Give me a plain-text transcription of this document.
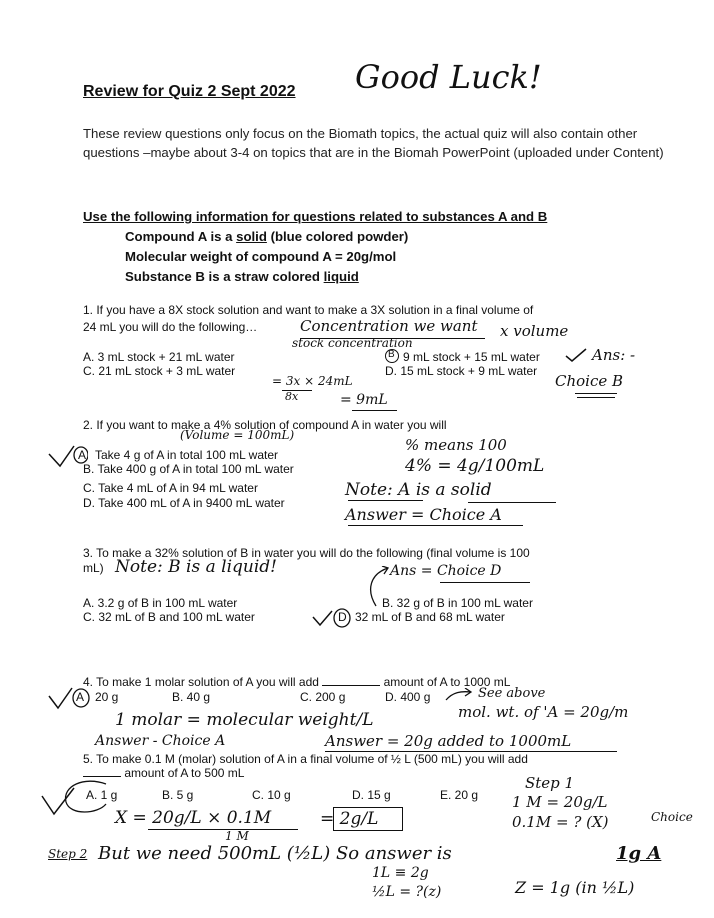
Review for Quiz 2 Sept 2022 Good Luck!
These review questions only focus on the Biomath topics, the actual quiz will also contain other questions –maybe about 3-4 on topics that are in the Biomah PowerPoint (uploaded under Content)
Use the following information for questions related to substances A and B
Compound A is a solid (blue colored powder)
Molecular weight of compound A = 20g/mol
Substance B is a straw colored liquid
1. If you have a 8X stock solution and want to make a 3X solution in a final volume of
24 mL you will do the following…	Concentration we want x volume
stock concentration
A. 3 mL stock + 21 mL water
C. 21 mL stock + 3 mL water
B 9 mL stock + 15 mL water
D. 15 mL stock + 9 mL water
Ans: -
Choice B
= 3x × 24mL
8x	= 9mL
2. If you want to make a 4% solution of compound A in water you will
(Volume = 100mL)
% means 100
A Take 4 g of A in total 100 mL water
B. Take 400 g of A in total 100 mL water
C. Take 4 mL of A in 94 mL water
D. Take 400 mL of A in 9400 mL water
4% = 4g/100mL
Note: A is a solid
Answer = Choice A
3. To make a 32% solution of B in water you will do the following (final volume is 100
mL) Note: B is a liquid!	Ans = Choice D
A. 3.2 g of B in 100 mL water
C. 32 mL of B and 100 mL water
B. 32 g of B in 100 mL water
D 32 mL of B and 68 mL water
4. To make 1 molar solution of A you will add	amount of A to 1000 mL
A 20 g	B. 40 g	C. 200 g	D. 400 g	See above
mol. wt. of 'A = 20g/m
1 molar = molecular weight/L
Answer - Choice A	Answer = 20g added to 1000mL
5. To make 0.1 M (molar) solution of A in a final volume of ½ L (500 mL) you will add
amount of A to 500 mL
Step 1
A. 1 g	B. 5 g	C. 10 g	D. 15 g	E. 20 g 1 M = 20g/L
0.1M = ? (X)	Choice
X = 20g/L × 0.1M	= 2g/L
1 M
Step 2 But we need 500mL (½L) So answer is	1g A
1L ≡ 2g
½L = ?(z)	Z = 1g (in ½L)
